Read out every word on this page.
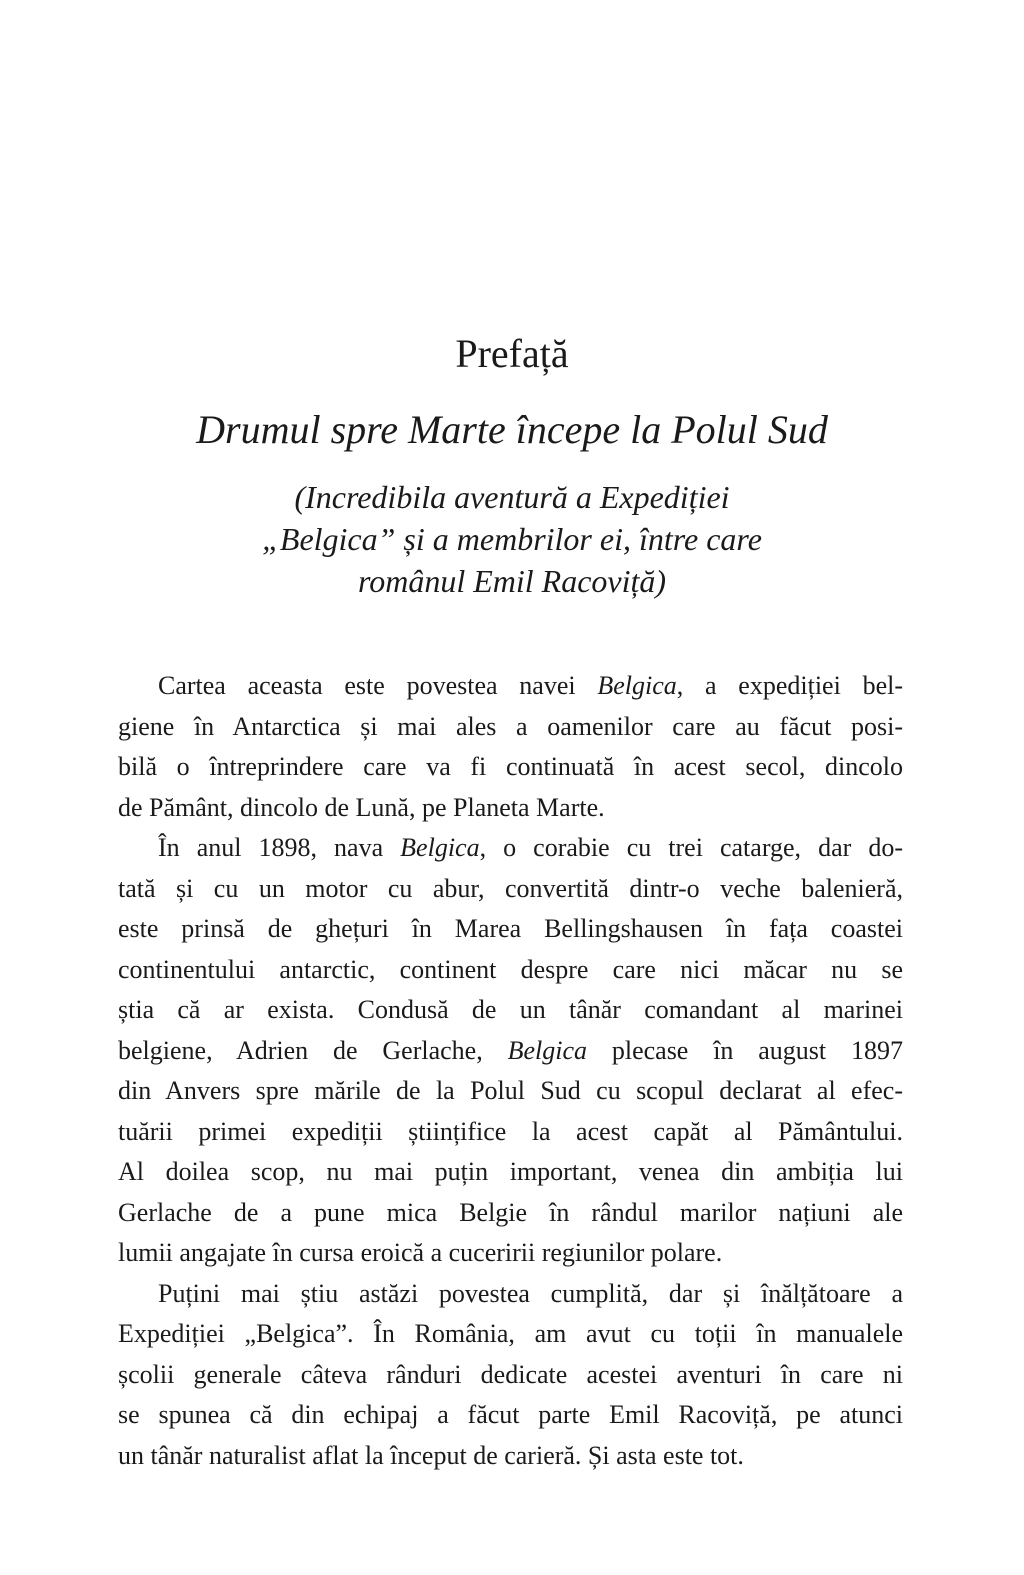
Prefață
Drumul spre Marte începe la Polul Sud
(Incredibila aventură a Expediției
„Belgica” și a membrilor ei, între care
românul Emil Racoviță)
Cartea aceasta este povestea navei Belgica, a expediției bel-
giene în Antarctica și mai ales a oamenilor care au făcut posi-
bilă o întreprindere care va fi continuată în acest secol, dincolo
de Pământ, dincolo de Lună, pe Planeta Marte.
În anul 1898, nava Belgica, o corabie cu trei catarge, dar do-
tată și cu un motor cu abur, convertită dintr-o veche balenieră,
este prinsă de ghețuri în Marea Bellingshausen în fața coastei
continentului antarctic, continent despre care nici măcar nu se
știa că ar exista. Condusă de un tânăr comandant al marinei
belgiene, Adrien de Gerlache, Belgica plecase în august 1897
din Anvers spre mările de la Polul Sud cu scopul declarat al efec-
tuării primei expediții științifice la acest capăt al Pământului.
Al doilea scop, nu mai puțin important, venea din ambiția lui
Gerlache de a pune mica Belgie în rândul marilor națiuni ale
lumii angajate în cursa eroică a cuceririi regiunilor polare.
Puțini mai știu astăzi povestea cumplită, dar și înălțătoare a
Expediției „Belgica”. În România, am avut cu toții în manualele
școlii generale câteva rânduri dedicate acestei aventuri în care ni
se spunea că din echipaj a făcut parte Emil Racoviță, pe atunci
un tânăr naturalist aflat la început de carieră. Și asta este tot.
